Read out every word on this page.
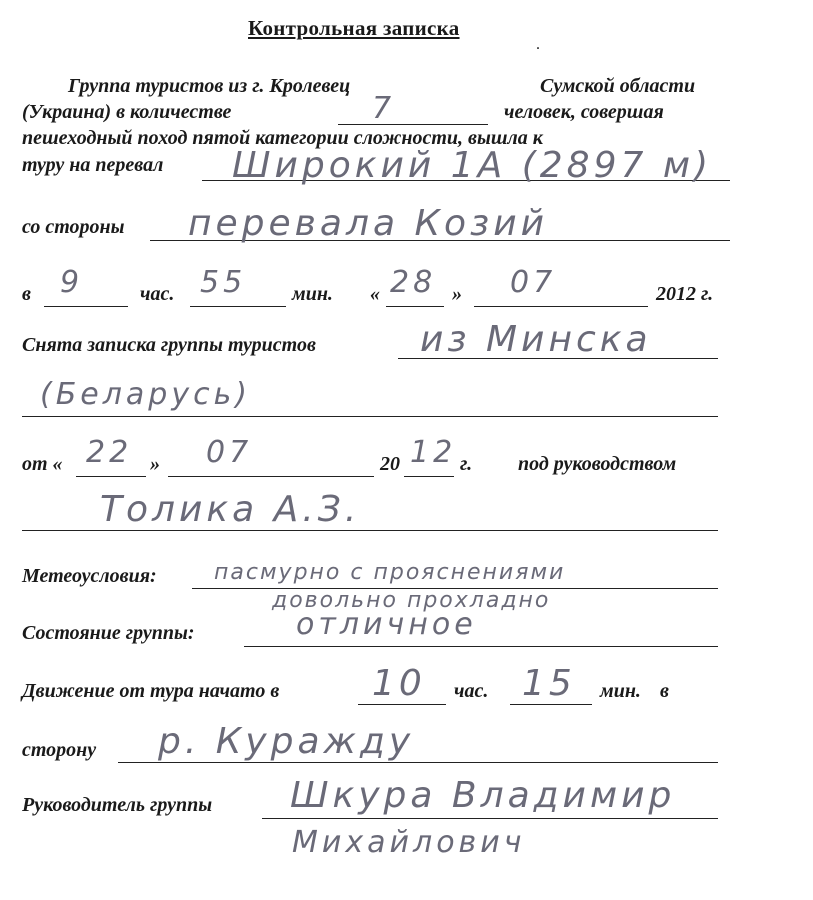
Контрольная записка
.
Группа туристов из г. Кролевец	Сумской области
(Украина) в количестве	7	человек, совершая
пешеходный поход пятой категории сложности, вышла к
туру на перевал Широкий 1А (2897 м)
со стороны перевала Козий
в 9	час. 55 мин. « 28 » 07	2012 г.
Снята записка группы туристов	из Минска
(Беларусь)
от « 22 » 07	20 12 г. под руководством
Толика А.З.
Метеоусловия:	пасмурно с прояснениями
довольно прохладно
Состояние группы:	отличное
Движение от тура начато в	10 час. 15 мин. в
сторону р. Куражду
Руководитель группы Шкура Владимир
Михайлович
